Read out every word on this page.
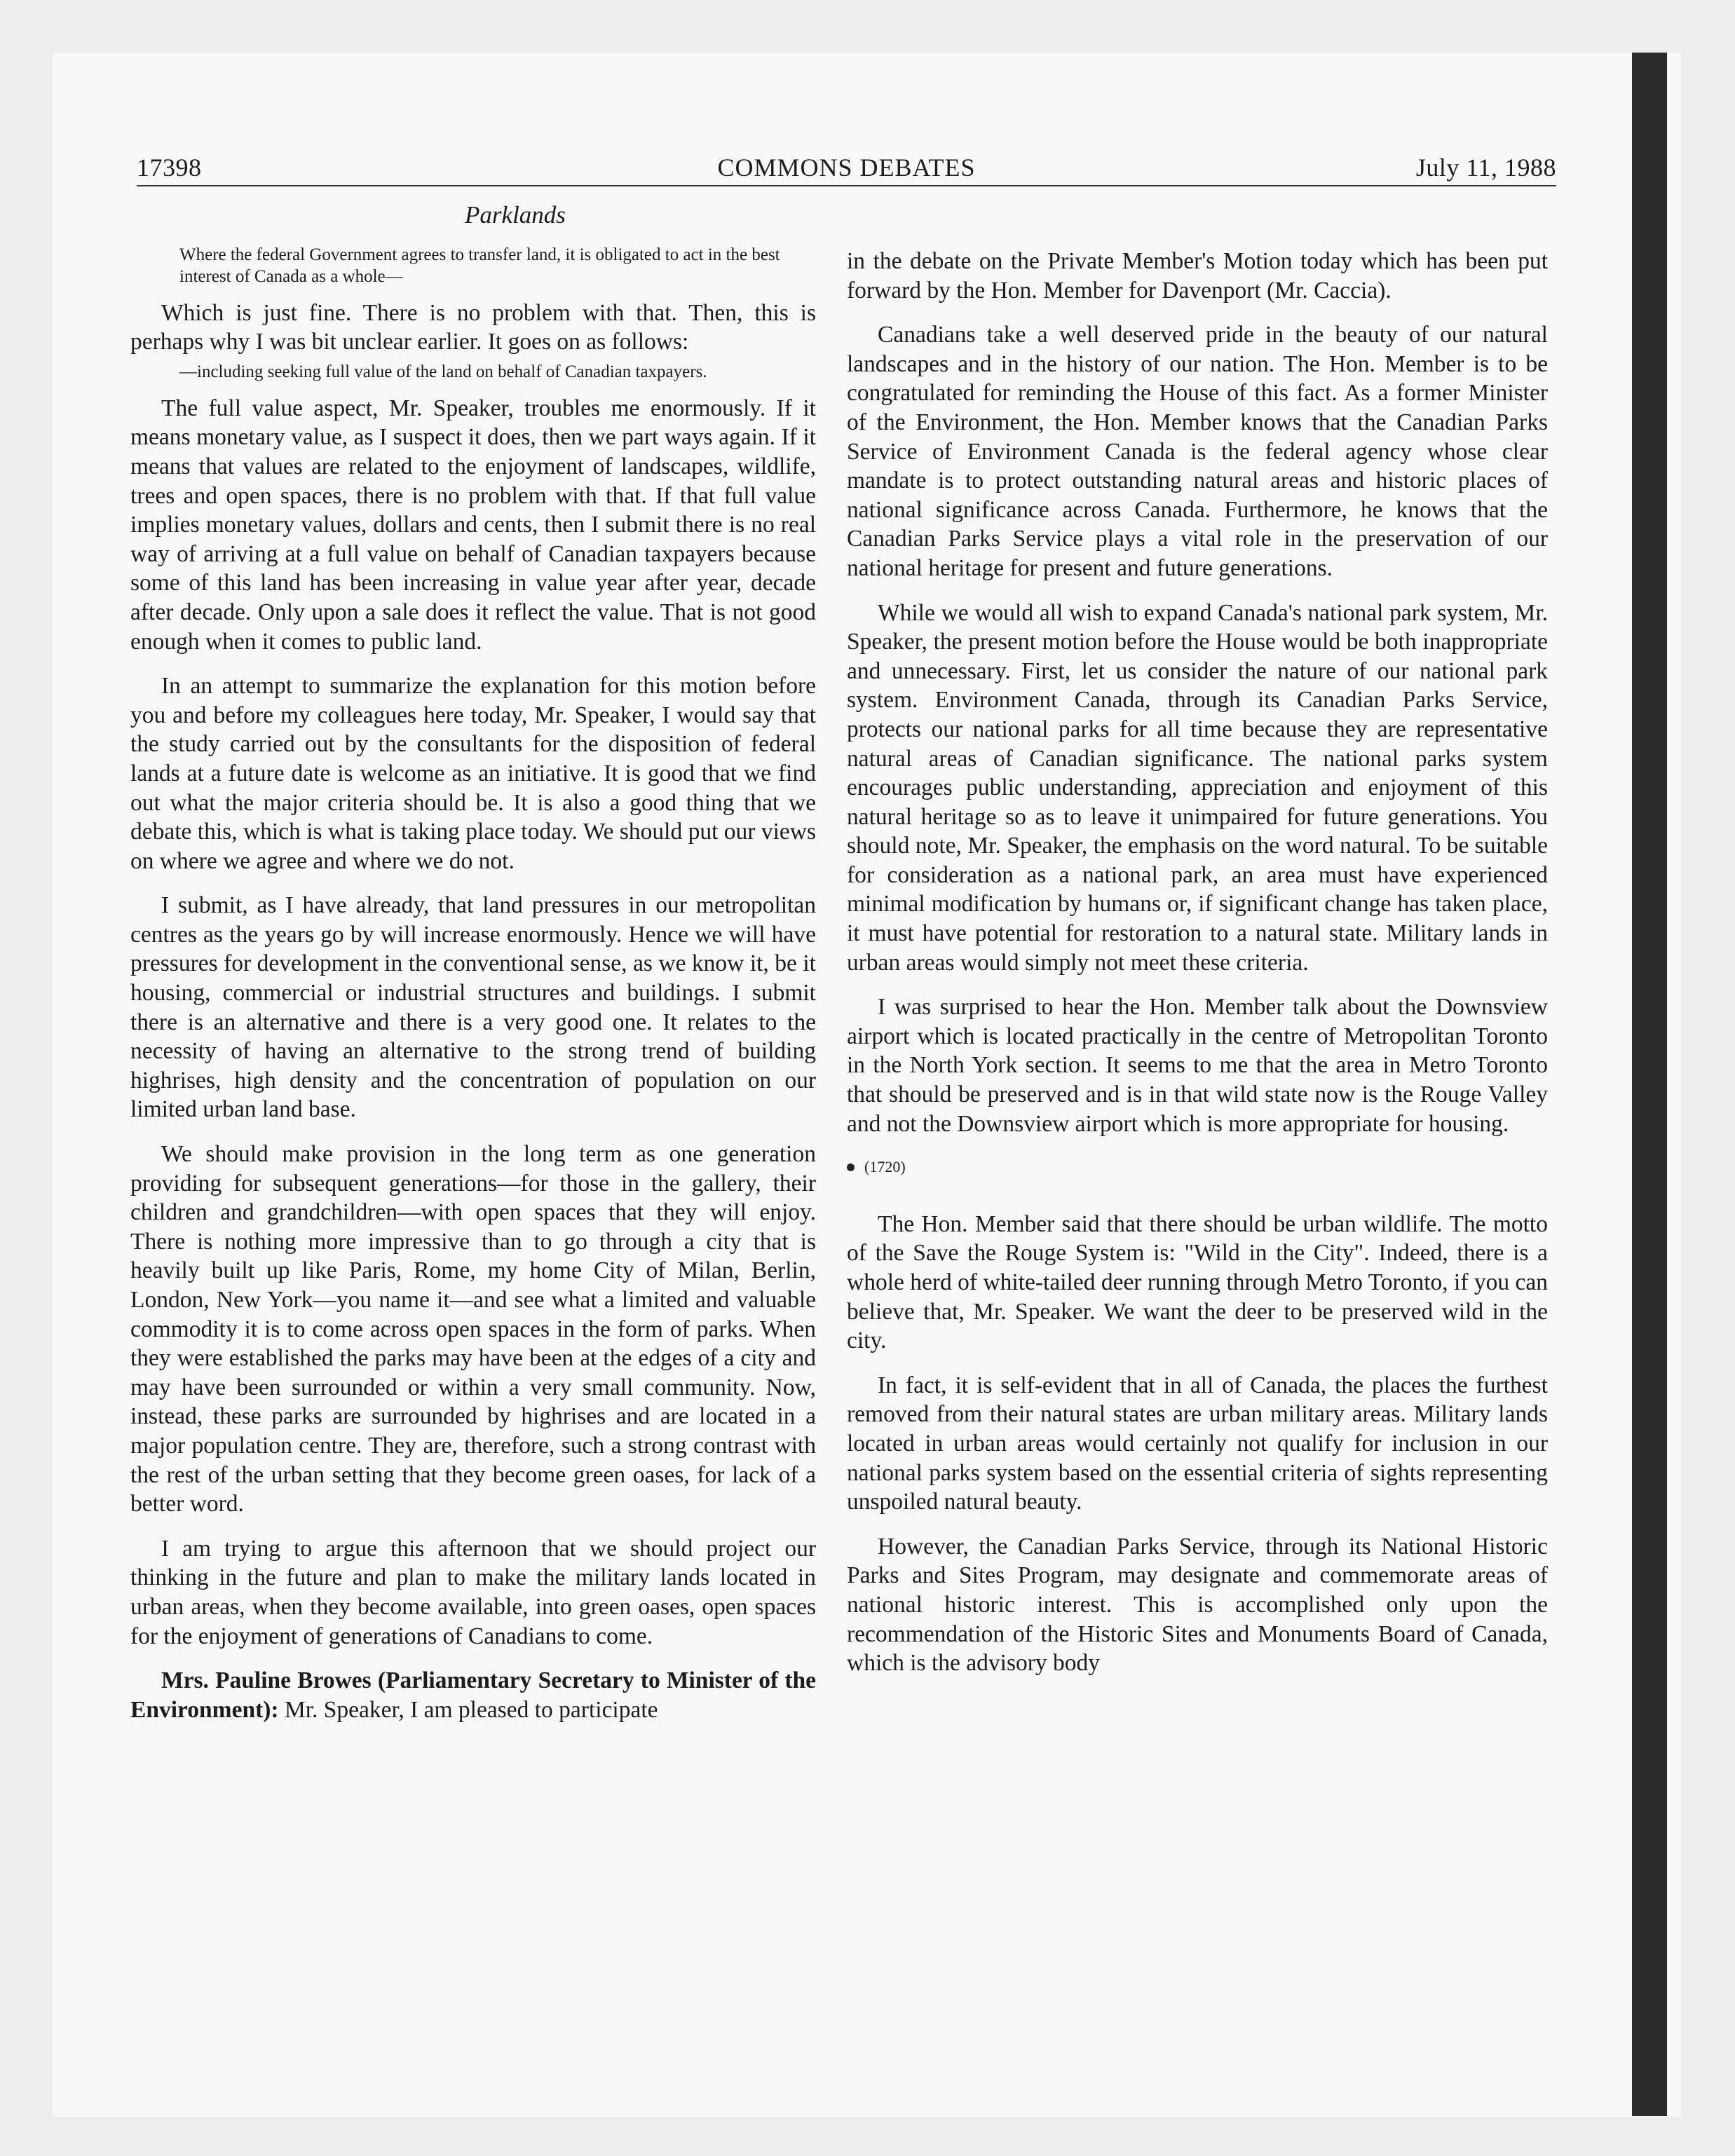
17398	COMMONS DEBATES	July 11, 1988
Parklands
Where the federal Government agrees to transfer land, it is obligated to act in the best interest of Canada as a whole—

Which is just fine. There is no problem with that. Then, this is perhaps why I was bit unclear earlier. It goes on as follows:

—including seeking full value of the land on behalf of Canadian taxpayers.

The full value aspect, Mr. Speaker, troubles me enormously. If it means monetary value, as I suspect it does, then we part ways again. If it means that values are related to the enjoyment of landscapes, wildlife, trees and open spaces, there is no problem with that. If that full value implies monetary values, dollars and cents, then I submit there is no real way of arriving at a full value on behalf of Canadian taxpayers because some of this land has been increasing in value year after year, decade after decade. Only upon a sale does it reflect the value. That is not good enough when it comes to public land.

In an attempt to summarize the explanation for this motion before you and before my colleagues here today, Mr. Speaker, I would say that the study carried out by the consultants for the disposition of federal lands at a future date is welcome as an initiative. It is good that we find out what the major criteria should be. It is also a good thing that we debate this, which is what is taking place today. We should put our views on where we agree and where we do not.

I submit, as I have already, that land pressures in our metropolitan centres as the years go by will increase enormously. Hence we will have pressures for development in the conventional sense, as we know it, be it housing, commercial or industrial structures and buildings. I submit there is an alternative and there is a very good one. It relates to the necessity of having an alternative to the strong trend of building highrises, high density and the concentration of population on our limited urban land base.

We should make provision in the long term as one generation providing for subsequent generations—for those in the gallery, their children and grandchildren—with open spaces that they will enjoy. There is nothing more impressive than to go through a city that is heavily built up like Paris, Rome, my home City of Milan, Berlin, London, New York—you name it—and see what a limited and valuable commodity it is to come across open spaces in the form of parks. When they were established the parks may have been at the edges of a city and may have been surrounded or within a very small community. Now, instead, these parks are surrounded by highrises and are located in a major population centre. They are, therefore, such a strong contrast with the rest of the urban setting that they become green oases, for lack of a better word.

I am trying to argue this afternoon that we should project our thinking in the future and plan to make the military lands located in urban areas, when they become available, into green oases, open spaces for the enjoyment of generations of Canadians to come.

Mrs. Pauline Browes (Parliamentary Secretary to Minister of the Environment): Mr. Speaker, I am pleased to participate

in the debate on the Private Member's Motion today which has been put forward by the Hon. Member for Davenport (Mr. Caccia).

Canadians take a well deserved pride in the beauty of our natural landscapes and in the history of our nation. The Hon. Member is to be congratulated for reminding the House of this fact. As a former Minister of the Environment, the Hon. Member knows that the Canadian Parks Service of Environment Canada is the federal agency whose clear mandate is to protect outstanding natural areas and historic places of national significance across Canada. Furthermore, he knows that the Canadian Parks Service plays a vital role in the preservation of our national heritage for present and future generations.

While we would all wish to expand Canada's national park system, Mr. Speaker, the present motion before the House would be both inappropriate and unnecessary. First, let us consider the nature of our national park system. Environment Canada, through its Canadian Parks Service, protects our national parks for all time because they are representative natural areas of Canadian significance. The national parks system encourages public understanding, appreciation and enjoyment of this natural heritage so as to leave it unimpaired for future generations. You should note, Mr. Speaker, the emphasis on the word natural. To be suitable for consideration as a national park, an area must have experienced minimal modification by humans or, if significant change has taken place, it must have potential for restoration to a natural state. Military lands in urban areas would simply not meet these criteria.

I was surprised to hear the Hon. Member talk about the Downsview airport which is located practically in the centre of Metropolitan Toronto in the North York section. It seems to me that the area in Metro Toronto that should be preserved and is in that wild state now is the Rouge Valley and not the Downsview airport which is more appropriate for housing.

(1720)

The Hon. Member said that there should be urban wildlife. The motto of the Save the Rouge System is: "Wild in the City". Indeed, there is a whole herd of white-tailed deer running through Metro Toronto, if you can believe that, Mr. Speaker. We want the deer to be preserved wild in the city.

In fact, it is self-evident that in all of Canada, the places the furthest removed from their natural states are urban military areas. Military lands located in urban areas would certainly not qualify for inclusion in our national parks system based on the essential criteria of sights representing unspoiled natural beauty.

However, the Canadian Parks Service, through its National Historic Parks and Sites Program, may designate and commemorate areas of national historic interest. This is accomplished only upon the recommendation of the Historic Sites and Monuments Board of Canada, which is the advisory body
